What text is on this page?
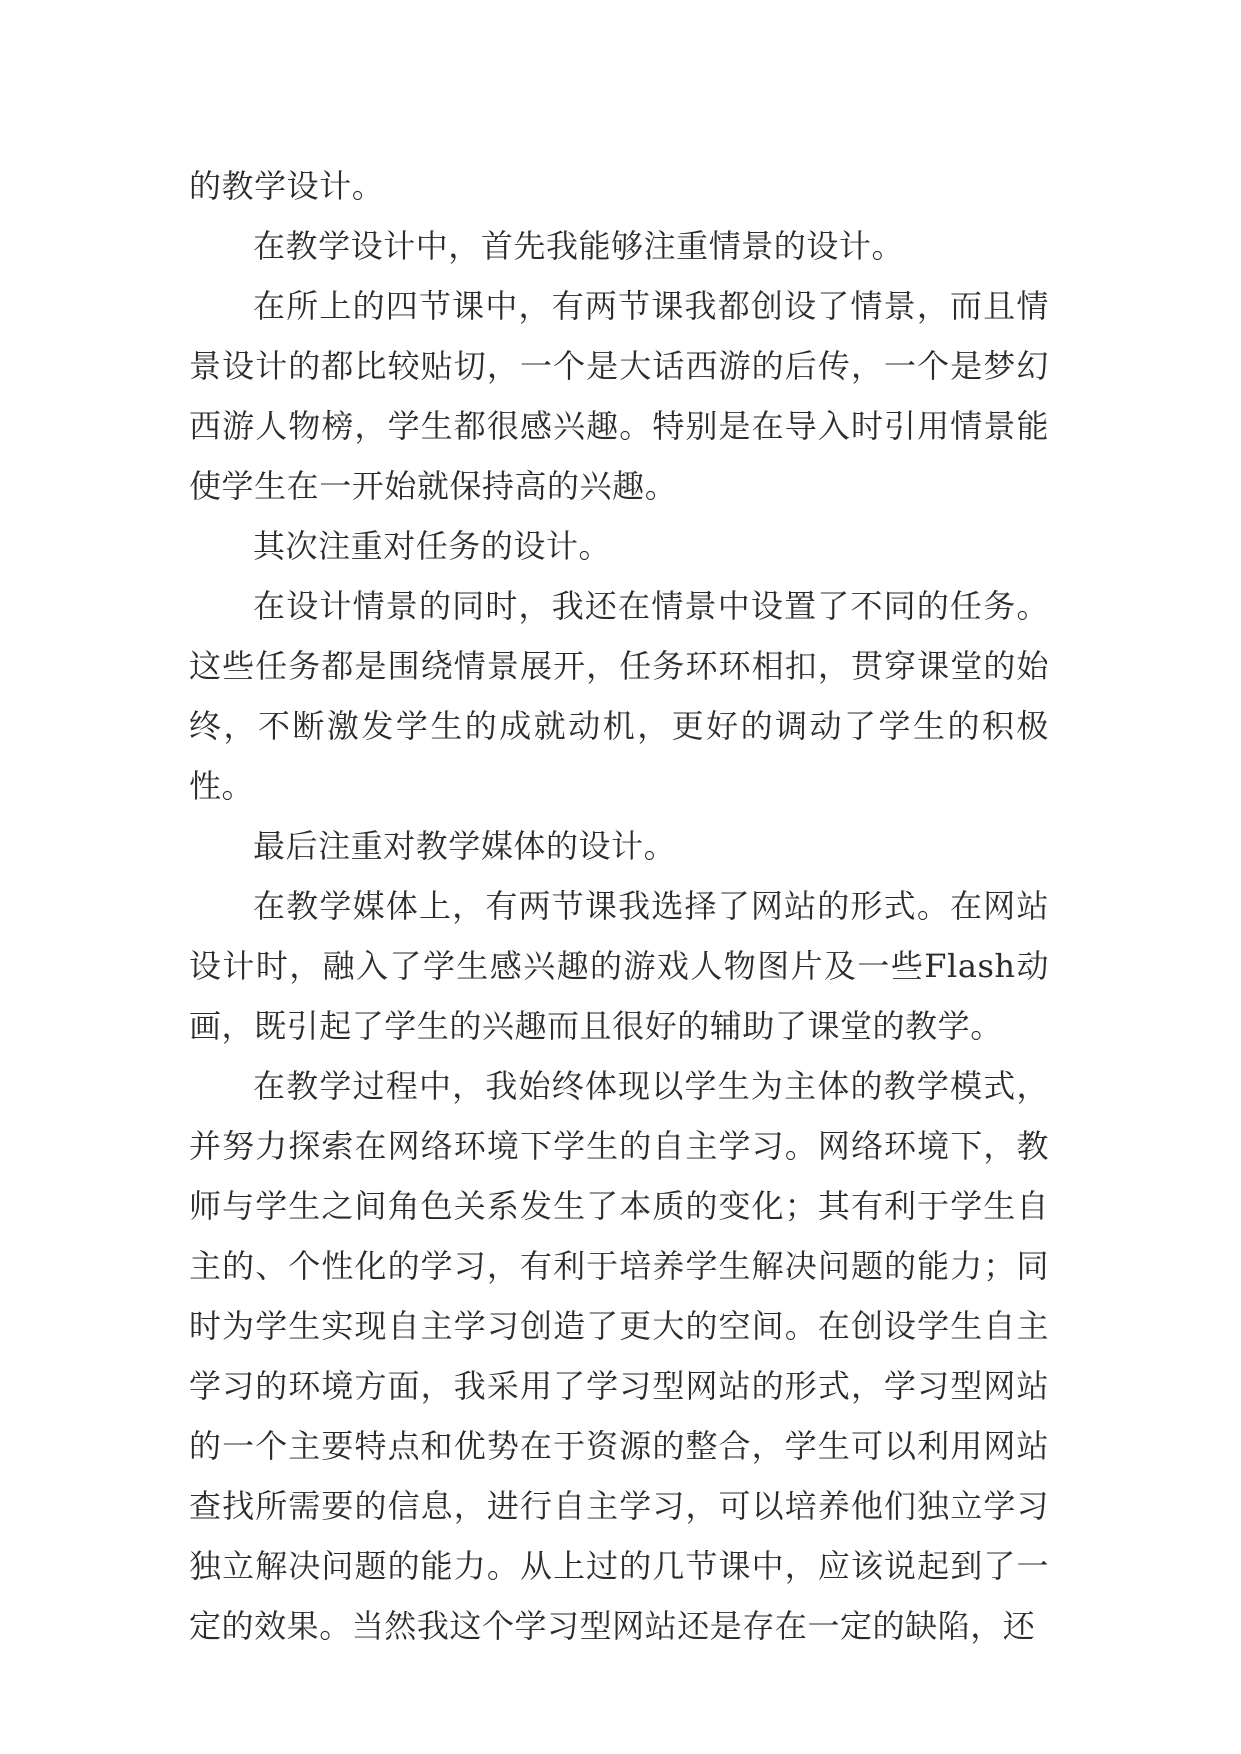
的教学设计。

在教学设计中，首先我能够注重情景的设计。

在所上的四节课中，有两节课我都创设了情景，而且情景设计的都比较贴切，一个是大话西游的后传，一个是梦幻西游人物榜，学生都很感兴趣。特别是在导入时引用情景能使学生在一开始就保持高的兴趣。

其次注重对任务的设计。

在设计情景的同时，我还在情景中设置了不同的任务。这些任务都是围绕情景展开，任务环环相扣，贯穿课堂的始终，不断激发学生的成就动机，更好的调动了学生的积极性。

最后注重对教学媒体的设计。

在教学媒体上，有两节课我选择了网站的形式。在网站设计时，融入了学生感兴趣的游戏人物图片及一些Flash动画，既引起了学生的兴趣而且很好的辅助了课堂的教学。

在教学过程中，我始终体现以学生为主体的教学模式，并努力探索在网络环境下学生的自主学习。网络环境下，教师与学生之间角色关系发生了本质的变化；其有利于学生自主的、个性化的学习，有利于培养学生解决问题的能力；同时为学生实现自主学习创造了更大的空间。在创设学生自主学习的环境方面，我采用了学习型网站的形式，学习型网站的一个主要特点和优势在于资源的整合，学生可以利用网站查找所需要的信息，进行自主学习，可以培养他们独立学习独立解决问题的能力。从上过的几节课中，应该说起到了一定的效果。当然我这个学习型网站还是存在一定的缺陷，还
